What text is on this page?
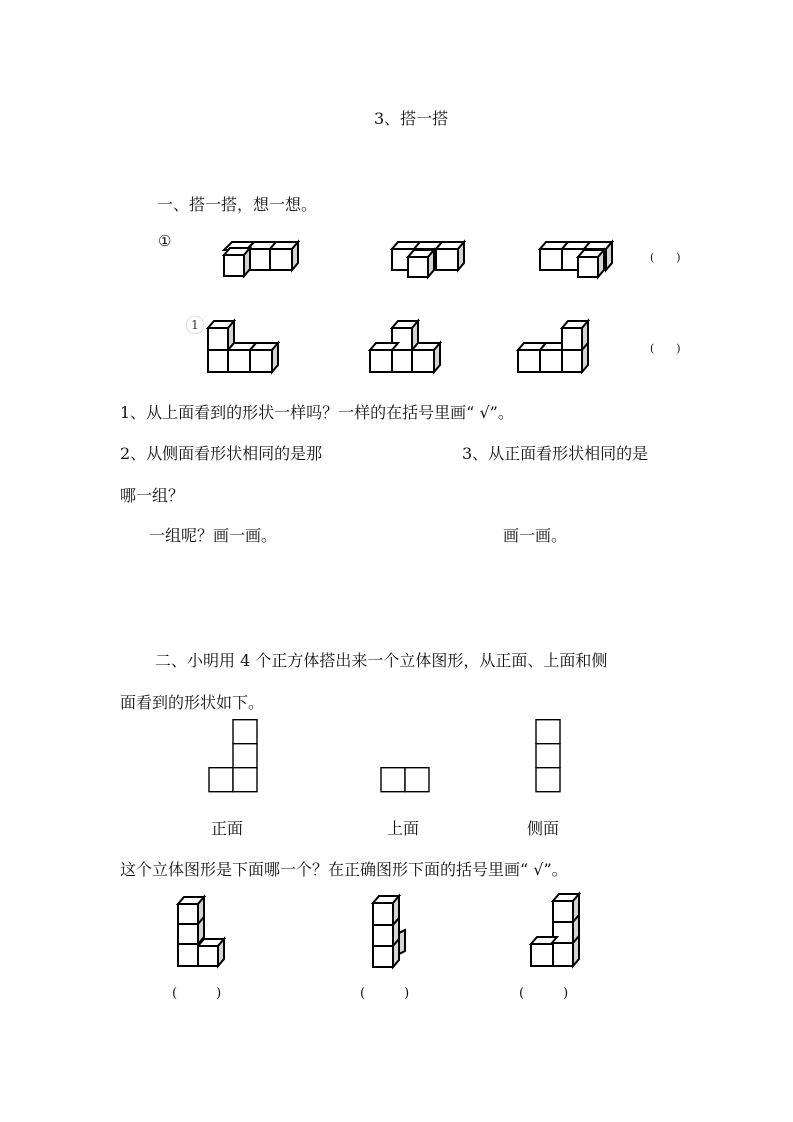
3、搭一搭
一、搭一搭，想一想。
①
(　　)
1
(　　)
1、从上面看到的形状一样吗？一样的在括号里画“ √”。
2、从侧面看形状相同的是那	3、从正面看形状相同的是
哪一组？
一组呢？画一画。	画一画。
二、小明用 4 个正方体搭出来一个立体图形，从正面、上面和侧
面看到的形状如下。
正面	上面	侧面
这个立体图形是下面哪一个？在正确图形下面的括号里画“ √”。
(　　　)	(　　　)	(　　　)
